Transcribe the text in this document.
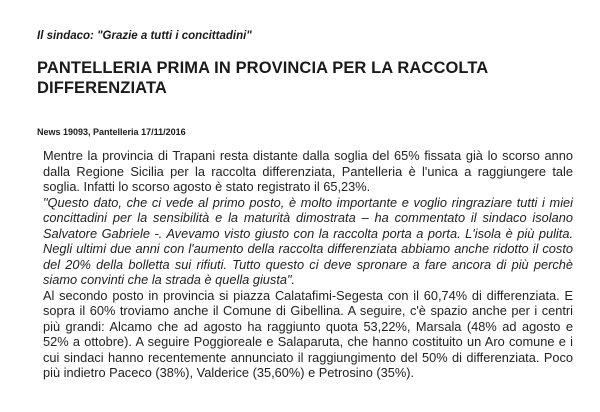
Il sindaco: "Grazie a tutti i concittadini"
PANTELLERIA PRIMA IN PROVINCIA PER LA RACCOLTA DIFFERENZIATA
News 19093, Pantelleria 17/11/2016

Mentre la provincia di Trapani resta distante dalla soglia del 65% fissata già lo scorso anno dalla Regione Sicilia per la raccolta differenziata, Pantelleria è l'unica a raggiungere tale soglia. Infatti lo scorso agosto è stato registrato il 65,23%.

"Questo dato, che ci vede al primo posto, è molto importante e voglio ringraziare tutti i miei concittadini per la sensibilità e la maturità dimostrata – ha commentato il sindaco isolano Salvatore Gabriele -. Avevamo visto giusto con la raccolta porta a porta. L'isola è più pulita. Negli ultimi due anni con l'aumento della raccolta differenziata abbiamo anche ridotto il costo del 20% della bolletta sui rifiuti. Tutto questo ci deve spronare a fare ancora di più perchè siamo convinti che la strada è quella giusta".

Al secondo posto in provincia si piazza Calatafimi-Segesta con il 60,74% di differenziata. E sopra il 60% troviamo anche il Comune di Gibellina. A seguire, c'è spazio anche per i centri più grandi: Alcamo che ad agosto ha raggiunto quota 53,22%, Marsala (48% ad agosto e 52% a ottobre). A seguire Poggioreale e Salaparuta, che hanno costituito un Aro comune e i cui sindaci hanno recentemente annunciato il raggiungimento del 50% di differenziata. Poco più indietro Paceco (38%), Valderice (35,60%) e Petrosino (35%).
